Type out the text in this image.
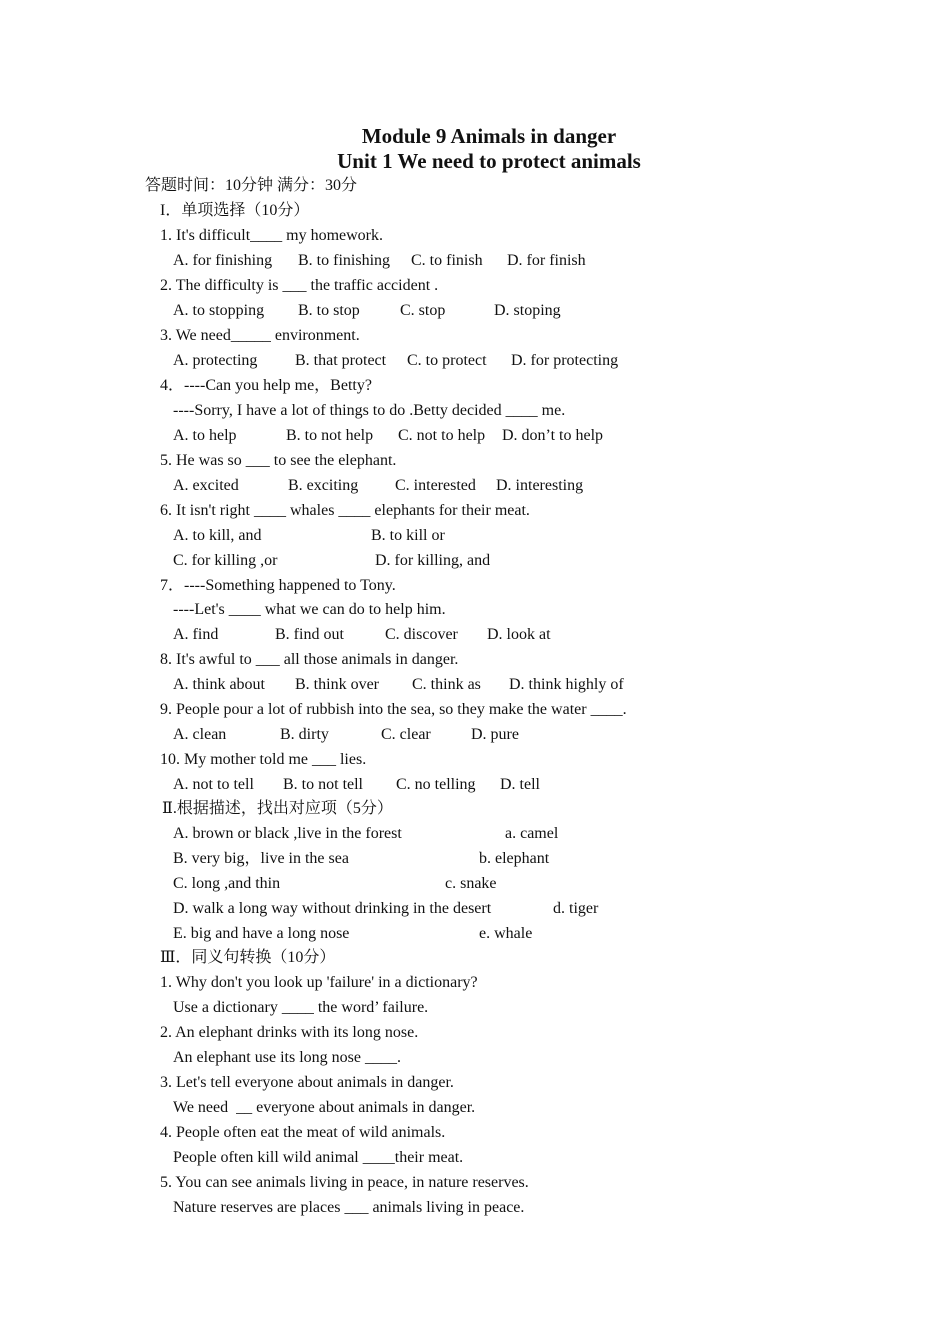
Module 9 Animals in danger
Unit 1 We need to protect animals
答题时间：10分钟 满分：30分
I．单项选择（10分）
1. It's difficult____ my homework.
A. for finishing B. to finishing C. to finish D. for finish
2. The difficulty is ___ the traffic accident .
A. to stopping B. to stop	C. stop	D. stoping
3. We need_____ environment.
A. protecting B. that protect C. to protect D. for protecting
4．----Can you help me，Betty?
----Sorry, I have a lot of things to do .Betty decided ____ me.
A. to help	B. to not help C. not to help D. don’t to help
5. He was so ___ to see the elephant.
A. excited	B. exciting C. interested D. interesting
6. It isn't right ____ whales ____ elephants for their meat.
A. to kill, and	B. to kill or
C. for killing ,or	D. for killing, and
7．----Something happened to Tony.
----Let's ____ what we can do to help him.
A. find	B. find out	C. discover D. look at
8. It's awful to ___ all those animals in danger.
A. think about B. think over C. think as D. think highly of
9. People pour a lot of rubbish into the sea, so they make the water ____.
A. clean	B. dirty	C. clear	D. pure
10. My mother told me ___ lies.
A. not to tell B. to not tell C. no telling D. tell
Ⅱ.根据描述，找出对应项（5分）
A. brown or black ,live in the forest	a. camel
B. very big，live in the sea	b. elephant
C. long ,and thin	c. snake
D. walk a long way without drinking in the desert	d. tiger
E. big and have a long nose	e. whale
Ⅲ．同义句转换（10分）
1. Why don't you look up 'failure' in a dictionary?
Use a dictionary ____ the word’ failure.
2. An elephant drinks with its long nose.
An elephant use its long nose ____.
3. Let's tell everyone about animals in danger.
We need  __ everyone about animals in danger.
4. People often eat the meat of wild animals.
People often kill wild animal ____their meat.
5. You can see animals living in peace, in nature reserves.
Nature reserves are places ___ animals living in peace.
